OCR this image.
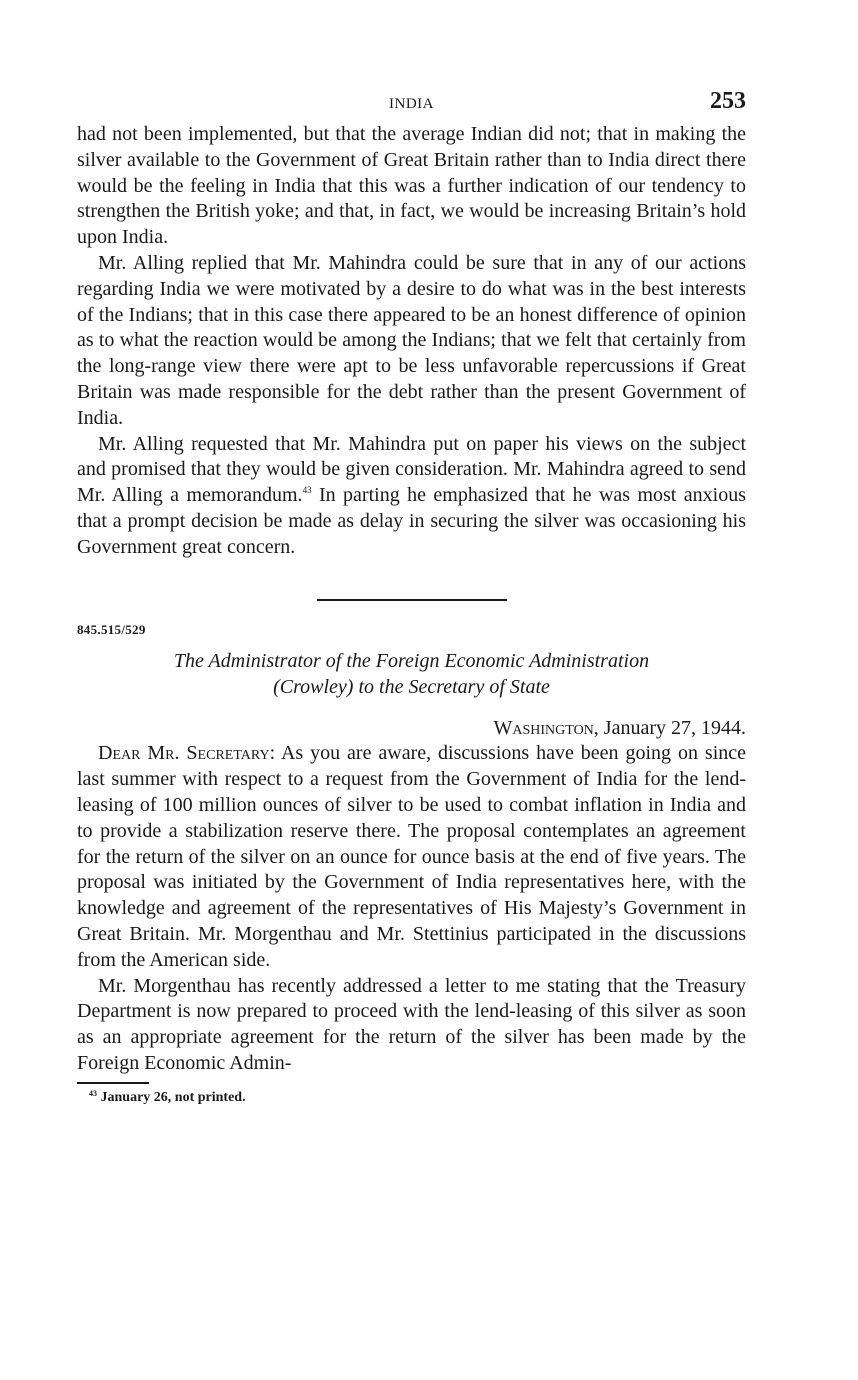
INDIA	253

had not been implemented, but that the average Indian did not; that in making the silver available to the Government of Great Britain rather than to India direct there would be the feeling in India that this was a further indication of our tendency to strengthen the British yoke; and that, in fact, we would be increasing Britain’s hold upon India.

Mr. Alling replied that Mr. Mahindra could be sure that in any of our actions regarding India we were motivated by a desire to do what was in the best interests of the Indians; that in this case there appeared to be an honest difference of opinion as to what the reaction would be among the Indians; that we felt that certainly from the long-range view there were apt to be less unfavorable repercussions if Great Britain was made responsible for the debt rather than the present Government of India.

Mr. Alling requested that Mr. Mahindra put on paper his views on the subject and promised that they would be given consideration. Mr. Mahindra agreed to send Mr. Alling a memorandum.$^{43}$ In parting he emphasized that he was most anxious that a prompt decision be made as delay in securing the silver was occasioning his Government great concern.

845.515/529
The Administrator of the Foreign Economic Administration
(Crowley) to the Secretary of State
Washington, January 27, 1944.

Dear Mr. Secretary: As you are aware, discussions have been going on since last summer with respect to a request from the Government of India for the lend-leasing of 100 million ounces of silver to be used to combat inflation in India and to provide a stabilization reserve there. The proposal contemplates an agreement for the return of the silver on an ounce for ounce basis at the end of five years. The proposal was initiated by the Government of India representatives here, with the knowledge and agreement of the representatives of His Majesty’s Government in Great Britain. Mr. Morgenthau and Mr. Stettinius participated in the discussions from the American side.

Mr. Morgenthau has recently addressed a letter to me stating that the Treasury Department is now prepared to proceed with the lend-leasing of this silver as soon as an appropriate agreement for the return of the silver has been made by the Foreign Economic Admin-

$^{43}$ January 26, not printed.
